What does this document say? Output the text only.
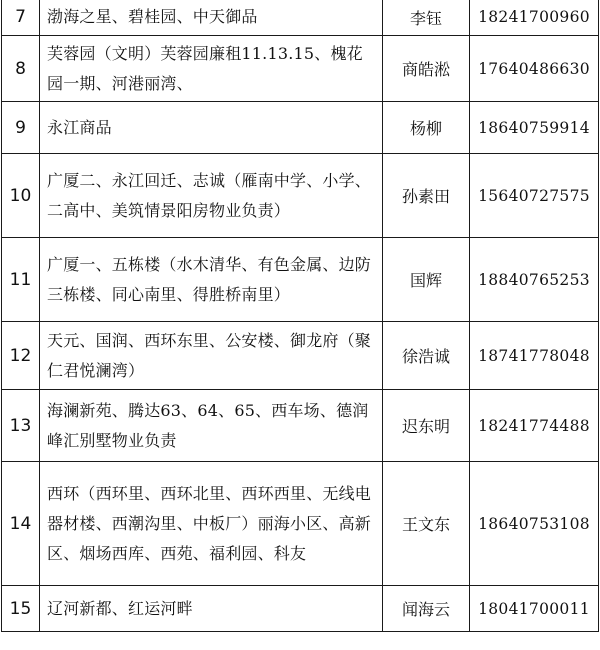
7	渤海之星、碧桂园、中天御品	李钰	18241700960
8	芙蓉园（文明）芙蓉园廉租11.13.15、槐花园一期、河港丽湾、	商皓淞	17640486630
9	永江商品	杨柳	18640759914
10	广厦二、永江回迁、志诚（雁南中学、小学、二高中、美筑情景阳房物业负责）	孙素田	15640727575
11	广厦一、五栋楼（水木清华、有色金属、边防三栋楼、同心南里、得胜桥南里）	国辉	18840765253
12	天元、国润、西环东里、公安楼、御龙府（聚仁君悦澜湾）	徐浩诚	18741778048
13	海澜新苑、腾达63、64、65、西车场、德润峰汇别墅物业负责	迟东明	18241774488
14	西环（西环里、西环北里、西环西里、无线电器材楼、西潮沟里、中板厂）丽海小区、高新区、烟场西库、西苑、福利园、科友	王文东	18640753108
15	辽河新都、红运河畔	闻海云	18041700011
